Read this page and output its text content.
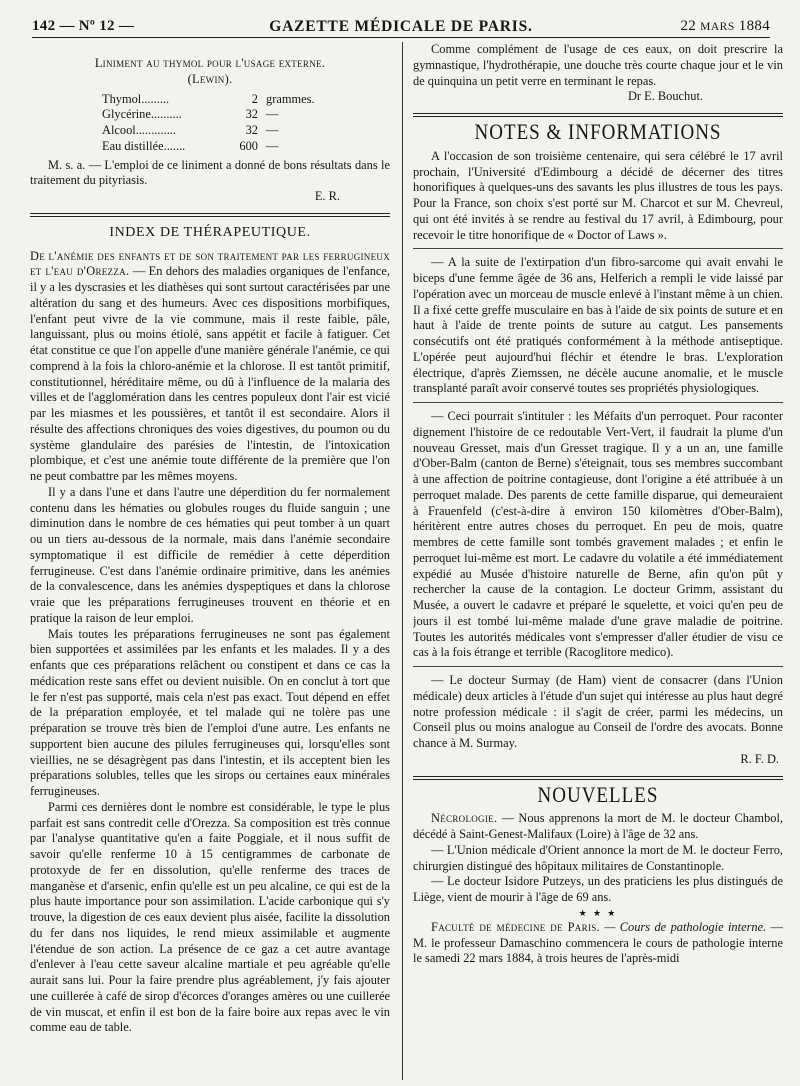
142 — Nº 12 —	GAZETTE MÉDICALE DE PARIS.	22 MARS 1884

Liniment au thymol pour l'usage externe.

(Lewin).

Thymol.........	2 grammes.
Glycérine..........	32 —
Alcool.............	32 —
Eau distillée.......	600 —

M. s. a. — L'emploi de ce liniment a donné de bons résultats dans le traitement du pityriasis.

E. R.

INDEX DE THÉRAPEUTIQUE.

De l'anémie des enfants et de son traitement par les ferrugineux et l'eau d'Orezza. — En dehors des maladies organiques de l'enfance, il y a les dyscrasies et les diathèses qui sont surtout caractérisées par une altération du sang et des humeurs. Avec ces dispositions morbifiques, l'enfant peut vivre de la vie commune, mais il reste faible, pâle, languissant, plus ou moins étiolé, sans appétit et facile à fatiguer. Cet état constitue ce que l'on appelle d'une manière générale l'anémie, ce qui comprend à la fois la chloro-anémie et la chlorose. Il est tantôt primitif, constitutionnel, héréditaire même, ou dû à l'influence de la malaria des villes et de l'agglomération dans les centres populeux dont l'air est vicié par les miasmes et les poussières, et tantôt il est secondaire. Alors il résulte des affections chroniques des voies digestives, du poumon ou du système glandulaire des parésies de l'intestin, de l'intoxication plombique, et c'est une anémie toute différente de la première que l'on ne peut combattre par les mêmes moyens.

Il y a dans l'une et dans l'autre une déperdition du fer normalement contenu dans les hématies ou globules rouges du fluide sanguin ; une diminution dans le nombre de ces hématies qui peut tomber à un quart ou un tiers au-dessous de la normale, mais dans l'anémie secondaire symptomatique il est difficile de remédier à cette déperdition ferrugineuse. C'est dans l'anémie ordinaire primitive, dans les anémies de la convalescence, dans les anémies dyspeptiques et dans la chlorose vraie que les préparations ferrugineuses trouvent en théorie et en pratique la raison de leur emploi.

Mais toutes les préparations ferrugineuses ne sont pas également bien supportées et assimilées par les enfants et les malades. Il y a des enfants que ces préparations relâchent ou constipent et dans ce cas la médication reste sans effet ou devient nuisible. On en conclut à tort que le fer n'est pas supporté, mais cela n'est pas exact. Tout dépend en effet de la préparation employée, et tel malade qui ne tolère pas une préparation se trouve très bien de l'emploi d'une autre. Les enfants ne supportent bien aucune des pilules ferrugineuses qui, lorsqu'elles sont vieillies, ne se désagrègent pas dans l'intestin, et ils acceptent bien les préparations solubles, telles que les sirops ou certaines eaux minérales ferrugineuses.

Parmi ces dernières dont le nombre est considérable, le type le plus parfait est sans contredit celle d'Orezza. Sa composition est très connue par l'analyse quantitative qu'en a faite Poggiale, et il nous suffit de savoir qu'elle renferme 10 à 15 centigrammes de carbonate de protoxyde de fer en dissolution, qu'elle renferme des traces de manganèse et d'arsenic, enfin qu'elle est un peu alcaline, ce qui est de la plus haute importance pour son assimilation. L'acide carbonique qui s'y trouve, la digestion de ces eaux devient plus aisée, facilite la dissolution du fer dans nos liquides, le rend mieux assimilable et augmente l'étendue de son action. La présence de ce gaz a cet autre avantage d'enlever à l'eau cette saveur alcaline martiale et peu agréable qu'elle aurait sans lui. Pour la faire prendre plus agréablement, j'y fais ajouter une cuillerée à café de sirop d'écorces d'oranges amères ou une cuillerée de vin muscat, et enfin il est bon de la faire boire aux repas avec le vin comme eau de table.

Comme complément de l'usage de ces eaux, on doit prescrire la gymnastique, l'hydrothérapie, une douche très courte chaque jour et le vin de quinquina un petit verre en terminant le repas.

Dr E. Bouchut.

NOTES & INFORMATIONS

A l'occasion de son troisième centenaire, qui sera célébré le 17 avril prochain, l'Université d'Edimbourg a décidé de décerner des titres honorifiques à quelques-uns des savants les plus illustres de tous les pays. Pour la France, son choix s'est porté sur M. Charcot et sur M. Chevreul, qui ont été invités à se rendre au festival du 17 avril, à Edimbourg, pour recevoir le titre honorifique de « Doctor of Laws ».

— A la suite de l'extirpation d'un fibro-sarcome qui avait envahi le biceps d'une femme âgée de 36 ans, Helferich a rempli le vide laissé par l'opération avec un morceau de muscle enlevé à l'instant même à un chien. Il a fixé cette greffe musculaire en bas à l'aide de six points de suture et en haut à l'aide de trente points de suture au catgut. Les pansements consécutifs ont été pratiqués conformément à la méthode antiseptique. L'opérée peut aujourd'hui fléchir et étendre le bras. L'exploration électrique, d'après Ziemssen, ne décèle aucune anomalie, et le muscle transplanté paraît avoir conservé toutes ses propriétés physiologiques.

— Ceci pourrait s'intituler : les Méfaits d'un perroquet. Pour raconter dignement l'histoire de ce redoutable Vert-Vert, il faudrait la plume d'un nouveau Gresset, mais d'un Gresset tragique. Il y a un an, une famille d'Ober-Balm (canton de Berne) s'éteignait, tous ses membres succombant à une affection de poitrine contagieuse, dont l'origine a été attribuée à un perroquet malade. Des parents de cette famille disparue, qui demeuraient à Frauenfeld (c'est-à-dire à environ 150 kilomètres d'Ober-Balm), héritèrent entre autres choses du perroquet. En peu de mois, quatre membres de cette famille sont tombés gravement malades ; et enfin le perroquet lui-même est mort. Le cadavre du volatile a été immédiatement expédié au Musée d'histoire naturelle de Berne, afin qu'on pût y rechercher la cause de la contagion. Le docteur Grimm, assistant du Musée, a ouvert le cadavre et préparé le squelette, et voici qu'en peu de jours il est tombé lui-même malade d'une grave maladie de poitrine. Toutes les autorités médicales vont s'empresser d'aller étudier de visu ce cas à la fois étrange et terrible (Racoglitore medico).

— Le docteur Surmay (de Ham) vient de consacrer (dans l'Union médicale) deux articles à l'étude d'un sujet qui intéresse au plus haut degré notre profession médicale : il s'agit de créer, parmi les médecins, un Conseil plus ou moins analogue au Conseil de l'ordre des avocats. Bonne chance à M. Surmay.

R. F. D.

NOUVELLES

Nécrologie. — Nous apprenons la mort de M. le docteur Chambol, décédé à Saint-Genest-Malifaux (Loire) à l'âge de 32 ans.

— L'Union médicale d'Orient annonce la mort de M. le docteur Ferro, chirurgien distingué des hôpitaux militaires de Constantinople.

— Le docteur Isidore Putzeys, un des praticiens les plus distingués de Liège, vient de mourir à l'âge de 69 ans.

★ ★ ★

Faculté de médecine de Paris. — Cours de pathologie interne. — M. le professeur Damaschino commencera le cours de pathologie interne le samedi 22 mars 1884, à trois heures de l'après-midi
